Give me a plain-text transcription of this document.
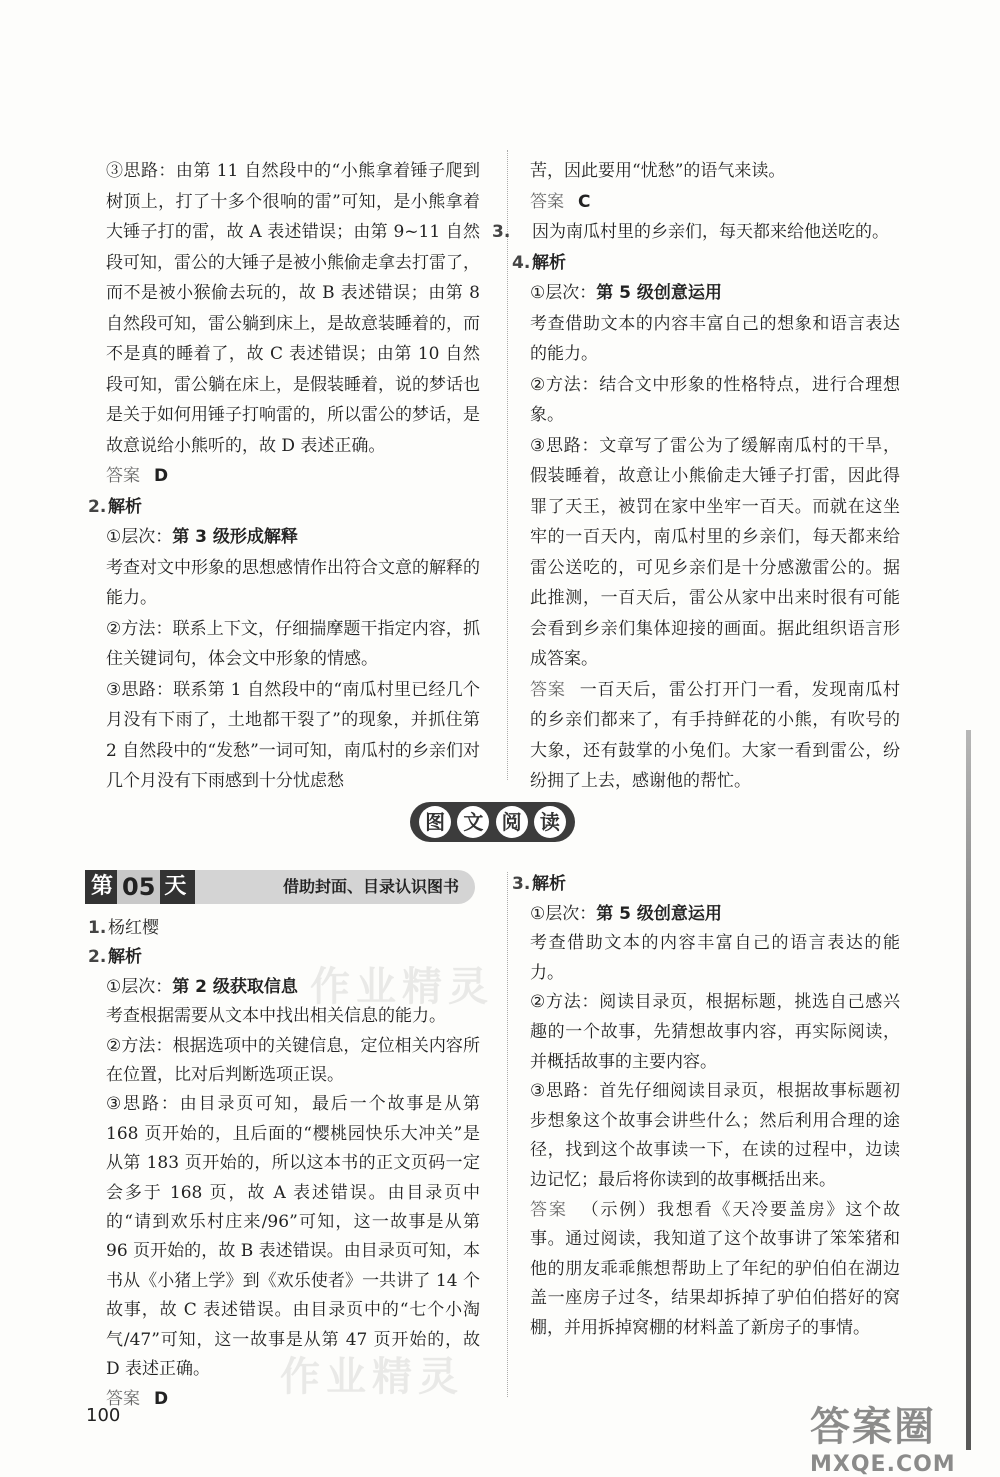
③思路：由第 11 自然段中的“小熊拿着锤子爬到树顶上，打了十多个很响的雷”可知，是小熊拿着大锤子打的雷，故 A 表述错误；由第 9~11 自然段可知，雷公的大锤子是被小熊偷走拿去打雷了，而不是被小猴偷去玩的，故 B 表述错误；由第 8 自然段可知，雷公躺到床上，是故意装睡着的，而不是真的睡着了，故 C 表述错误；由第 10 自然段可知，雷公躺在床上，是假装睡着，说的梦话也是关于如何用锤子打响雷的，所以雷公的梦话，是故意说给小熊听的，故 D 表述正确。

答案 D

2. 解析

①层次：第 3 级形成解释

考查对文中形象的思想感情作出符合文意的解释的能力。

②方法：联系上下文，仔细揣摩题干指定内容，抓住关键词句，体会文中形象的情感。

③思路：联系第 1 自然段中的“南瓜村里已经几个月没有下雨了，土地都干裂了”的现象，并抓住第 2 自然段中的“发愁”一词可知，南瓜村的乡亲们对几个月没有下雨感到十分忧虑愁

苦，因此要用“忧愁”的语气来读。

答案 C

3. 因为南瓜村里的乡亲们，每天都来给他送吃的。

4. 解析

①层次：第 5 级创意运用

考查借助文本的内容丰富自己的想象和语言表达的能力。

②方法：结合文中形象的性格特点，进行合理想象。

③思路：文章写了雷公为了缓解南瓜村的干旱，假装睡着，故意让小熊偷走大锤子打雷，因此得罪了天王，被罚在家中坐牢一百天。而就在这坐牢的一百天内，南瓜村里的乡亲们，每天都来给雷公送吃的，可见乡亲们是十分感激雷公的。据此推测，一百天后，雷公从家中出来时很有可能会看到乡亲们集体迎接的画面。据此组织语言形成答案。

答案 一百天后，雷公打开门一看，发现南瓜村的乡亲们都来了，有手持鲜花的小熊，有吹号的大象，还有鼓掌的小兔们。大家一看到雷公，纷纷拥了上去，感谢他的帮忙。

图 文 阅 读
第 05 天	借助封面、目录认识图书

1. 杨红樱

2. 解析

①层次：第 2 级获取信息

考查根据需要从文本中找出相关信息的能力。

②方法：根据选项中的关键信息，定位相关内容所在位置，比对后判断选项正误。

③思路：由目录页可知，最后一个故事是从第 168 页开始的，且后面的“樱桃园快乐大冲关”是从第 183 页开始的，所以这本书的正文页码一定会多于 168 页，故 A 表述错误。由目录页中的“请到欢乐村庄来/96”可知，这一故事是从第 96 页开始的，故 B 表述错误。由目录页可知，本书从《小猪上学》到《欢乐使者》一共讲了 14 个故事，故 C 表述错误。由目录页中的“七个小淘气/47”可知，这一故事是从第 47 页开始的，故 D 表述正确。

答案 D

3. 解析

①层次：第 5 级创意运用

考查借助文本的内容丰富自己的语言表达的能力。

②方法：阅读目录页，根据标题，挑选自己感兴趣的一个故事，先猜想故事内容，再实际阅读，并概括故事的主要内容。

③思路：首先仔细阅读目录页，根据故事标题初步想象这个故事会讲些什么；然后利用合理的途径，找到这个故事读一下，在读的过程中，边读边记忆；最后将你读到的故事概括出来。

答案 （示例）我想看《天冷要盖房》这个故事。通过阅读，我知道了这个故事讲了笨笨猪和他的朋友乖乖熊想帮助上了年纪的驴伯伯在湖边盖一座房子过冬，结果却拆掉了驴伯伯搭好的窝棚，并用拆掉窝棚的材料盖了新房子的事情。

作业精灵
作业精灵
答案圈
MXQE.COM
100
